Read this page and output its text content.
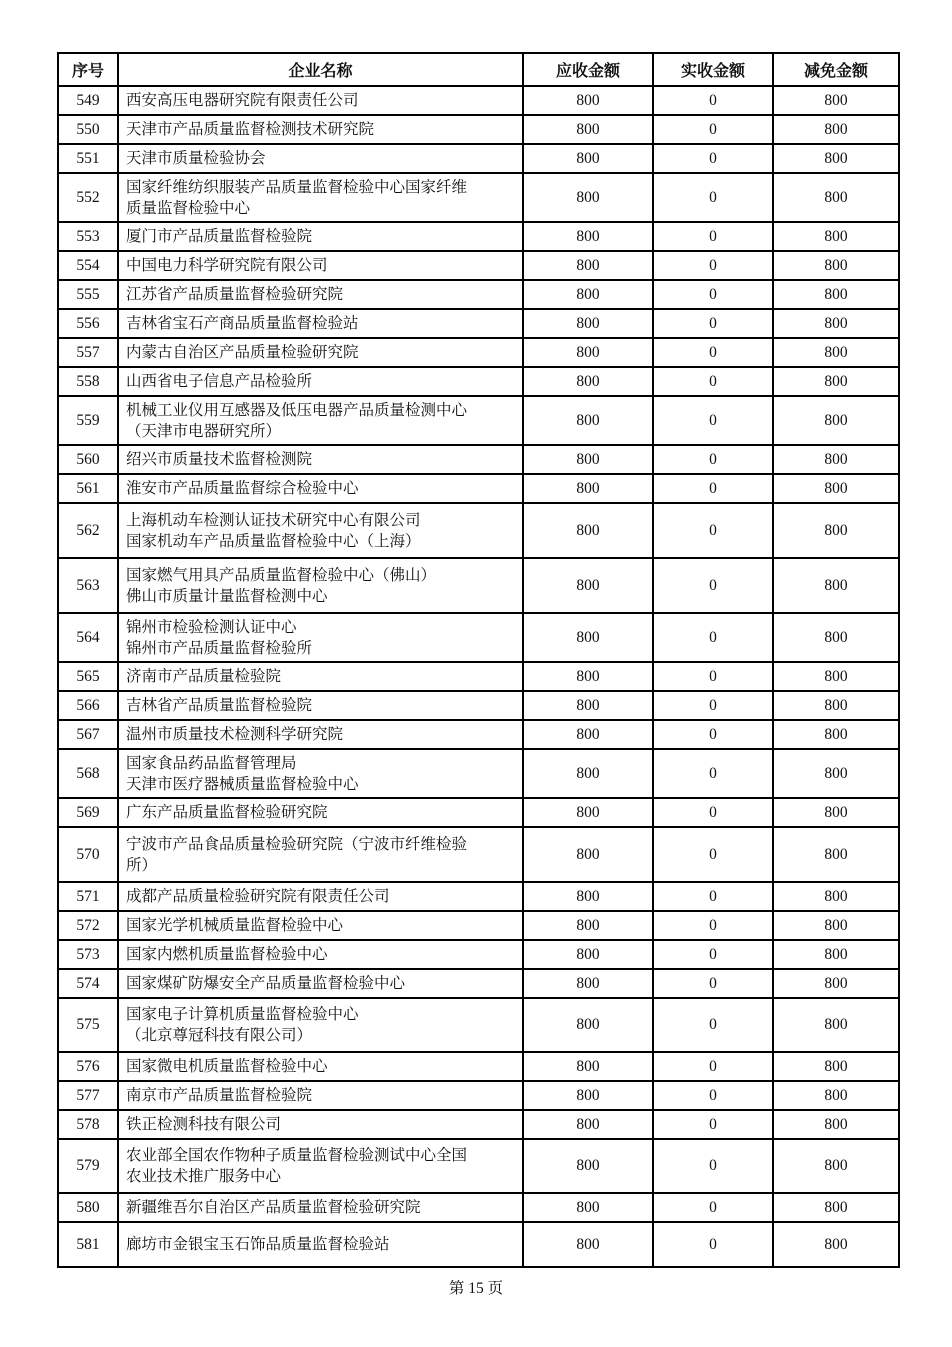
序号	企业名称	应收金额	实收金额	减免金额
549	西安高压电器研究院有限责任公司	800	0	800
550	天津市产品质量监督检测技术研究院	800	0	800
551	天津市质量检验协会	800	0	800
552	国家纤维纺织服装产品质量监督检验中心国家纤维
质量监督检验中心	800	0	800
553	厦门市产品质量监督检验院	800	0	800
554	中国电力科学研究院有限公司	800	0	800
555	江苏省产品质量监督检验研究院	800	0	800
556	吉林省宝石产商品质量监督检验站	800	0	800
557	内蒙古自治区产品质量检验研究院	800	0	800
558	山西省电子信息产品检验所	800	0	800
559	机械工业仪用互感器及低压电器产品质量检测中心
（天津市电器研究所）	800	0	800
560	绍兴市质量技术监督检测院	800	0	800
561	淮安市产品质量监督综合检验中心	800	0	800
562	上海机动车检测认证技术研究中心有限公司
国家机动车产品质量监督检验中心（上海）	800	0	800
563	国家燃气用具产品质量监督检验中心（佛山）
佛山市质量计量监督检测中心	800	0	800
564	锦州市检验检测认证中心
锦州市产品质量监督检验所	800	0	800
565	济南市产品质量检验院	800	0	800
566	吉林省产品质量监督检验院	800	0	800
567	温州市质量技术检测科学研究院	800	0	800
568	国家食品药品监督管理局
天津市医疗器械质量监督检验中心	800	0	800
569	广东产品质量监督检验研究院	800	0	800
570	宁波市产品食品质量检验研究院（宁波市纤维检验
所）	800	0	800
571	成都产品质量检验研究院有限责任公司	800	0	800
572	国家光学机械质量监督检验中心	800	0	800
573	国家内燃机质量监督检验中心	800	0	800
574	国家煤矿防爆安全产品质量监督检验中心	800	0	800
575	国家电子计算机质量监督检验中心
（北京尊冠科技有限公司）	800	0	800
576	国家微电机质量监督检验中心	800	0	800
577	南京市产品质量监督检验院	800	0	800
578	铁正检测科技有限公司	800	0	800
579	农业部全国农作物种子质量监督检验测试中心全国
农业技术推广服务中心	800	0	800
580	新疆维吾尔自治区产品质量监督检验研究院	800	0	800
581	廊坊市金银宝玉石饰品质量监督检验站	800	0	800
第 15 页
